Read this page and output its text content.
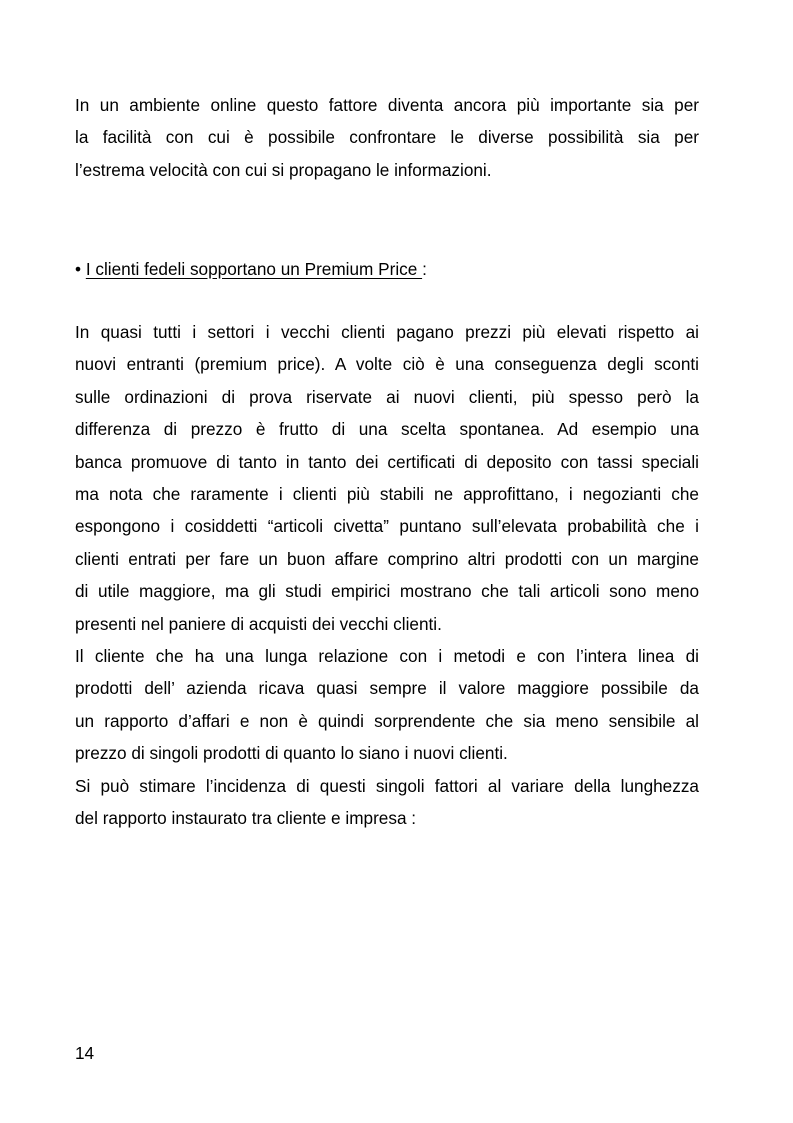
In un ambiente online questo fattore diventa ancora più importante sia per
la facilità con cui è possibile confrontare le diverse possibilità sia per
l’estrema velocità con cui si propagano le informazioni.
• I clienti fedeli sopportano un Premium Price :
In quasi tutti i settori i vecchi clienti pagano prezzi più elevati rispetto ai
nuovi entranti (premium price). A volte ciò è una conseguenza degli sconti
sulle ordinazioni di prova riservate ai nuovi clienti, più spesso però la
differenza di prezzo è frutto di una scelta spontanea. Ad esempio una
banca promuove di tanto in tanto dei certificati di deposito con tassi speciali
ma nota che raramente i clienti più stabili ne approfittano, i negozianti che
espongono i cosiddetti “articoli civetta” puntano sull’elevata probabilità che i
clienti entrati per fare un buon affare comprino altri prodotti con un margine
di utile maggiore, ma gli studi empirici mostrano che tali articoli sono meno
presenti nel paniere di acquisti dei vecchi clienti.
Il cliente che ha una lunga relazione con i metodi e con l’intera linea di
prodotti dell’ azienda ricava quasi sempre il valore maggiore possibile da
un rapporto d’affari e non è quindi sorprendente che sia meno sensibile al
prezzo di singoli prodotti di quanto lo siano i nuovi clienti.
Si può stimare l’incidenza di questi singoli fattori al variare della lunghezza
del rapporto instaurato tra cliente e impresa :
14
